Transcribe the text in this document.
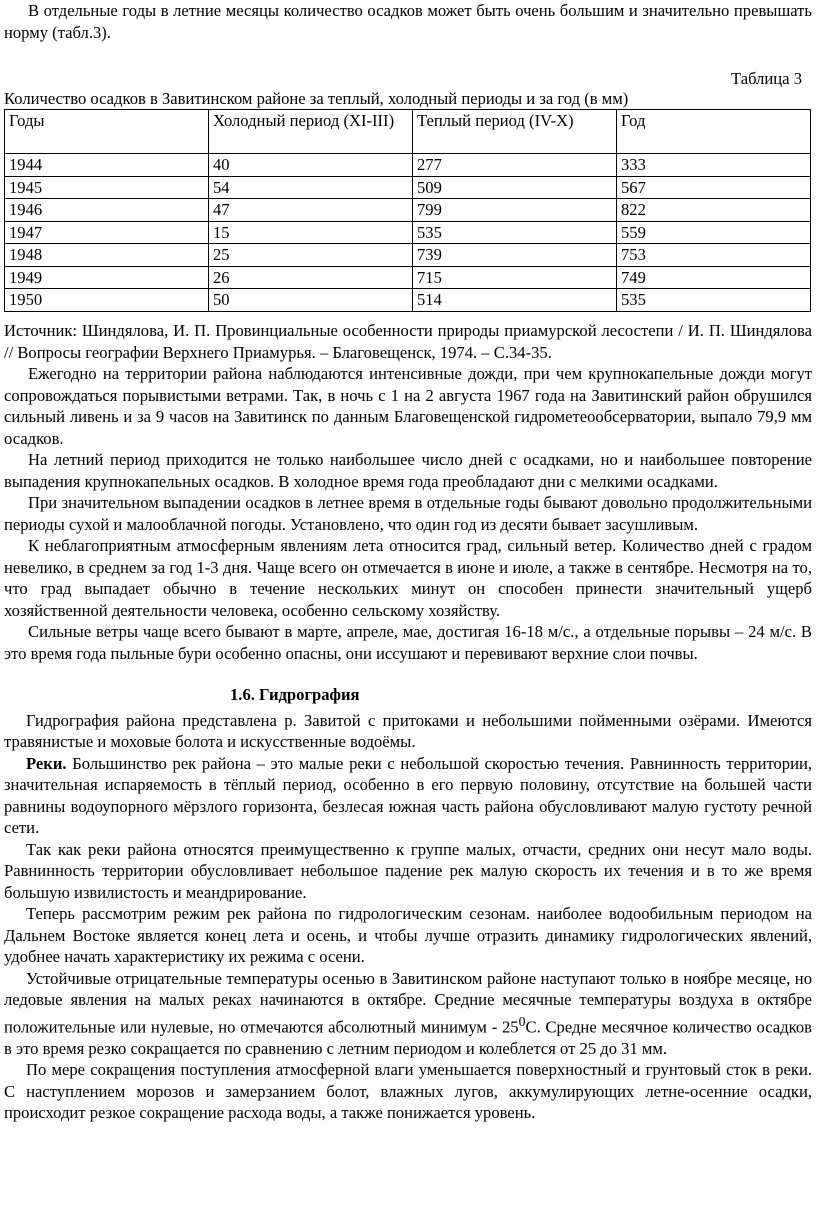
В отдельные годы в летние месяцы количество осадков может быть очень большим и значительно превышать норму (табл.3).

Таблица 3
Количество осадков в Завитинском районе за теплый, холодный периоды и за год (в мм)
Годы	Холодный период (XI-III)	Теплый период (IV-X)	Год
1944	40	277	333
1945	54	509	567
1946	47	799	822
1947	15	535	559
1948	25	739	753
1949	26	715	749
1950	50	514	535

Источник: Шиндялова, И. П. Провинциальные особенности природы приамурской лесостепи / И. П. Шиндялова // Вопросы географии Верхнего Приамурья. – Благовещенск, 1974. – С.34-35.

Ежегодно на территории района наблюдаются интенсивные дожди, при чем крупнокапельные дожди могут сопровождаться порывистыми ветрами. Так, в ночь с 1 на 2 августа 1967 года на Завитинский район обрушился сильный ливень и за 9 часов на Завитинск по данным Благовещенской гидрометеообсерватории, выпало 79,9 мм осадков.

На летний период приходится не только наибольшее число дней с осадками, но и наибольшее повторение выпадения крупнокапельных осадков. В холодное время года преобладают дни с мелкими осадками.

При значительном выпадении осадков в летнее время в отдельные годы бывают довольно продолжительными периоды сухой и малооблачной погоды. Установлено, что один год из десяти бывает засушливым.

К неблагоприятным атмосферным явлениям лета относится град, сильный ветер. Количество дней с градом невелико, в среднем за год 1-3 дня. Чаще всего он отмечается в июне и июле, а также в сентябре. Несмотря на то, что град выпадает обычно в течение нескольких минут он способен принести значительный ущерб хозяйственной деятельности человека, особенно сельскому хозяйству.

Сильные ветры чаще всего бывают в марте, апреле, мае, достигая 16-18 м/с., а отдельные порывы – 24 м/с. В это время года пыльные бури особенно опасны, они иссушают и перевивают верхние слои почвы.

1.6. Гидрография

Гидрография района представлена р. Завитой с притоками и небольшими пойменными озёрами. Имеются травянистые и моховые болота и искусственные водоёмы.

Реки. Большинство рек района – это малые реки с небольшой скоростью течения. Равнинность территории, значительная испаряемость в тёплый период, особенно в его первую половину, отсутствие на большей части равнины водоупорного мёрзлого горизонта, безлесая южная часть района обусловливают малую густоту речной сети.

Так как реки района относятся преимущественно к группе малых, отчасти, средних они несут мало воды. Равнинность территории обусловливает небольшое падение рек малую скорость их течения и в то же время большую извилистость и меандрирование.

Теперь рассмотрим режим рек района по гидрологическим сезонам. наиболее водообильным периодом на Дальнем Востоке является конец лета и осень, и чтобы лучше отразить динамику гидрологических явлений, удобнее начать характеристику их режима с осени.

Устойчивые отрицательные температуры осенью в Завитинском районе наступают только в ноябре месяце, но ледовые явления на малых реках начинаются в октябре. Средние месячные температуры воздуха в октябре положительные или нулевые, но отмечаются абсолютный минимум - $25^0С$. Средне месячное количество осадков в это время резко сокращается по сравнению с летним периодом и колеблется от 25 до 31 мм.

По мере сокращения поступления атмосферной влаги уменьшается поверхностный и грунтовый сток в реки. С наступлением морозов и замерзанием болот, влажных лугов, аккумулирующих летне-осенние осадки, происходит резкое сокращение расхода воды, а также понижается уровень.
